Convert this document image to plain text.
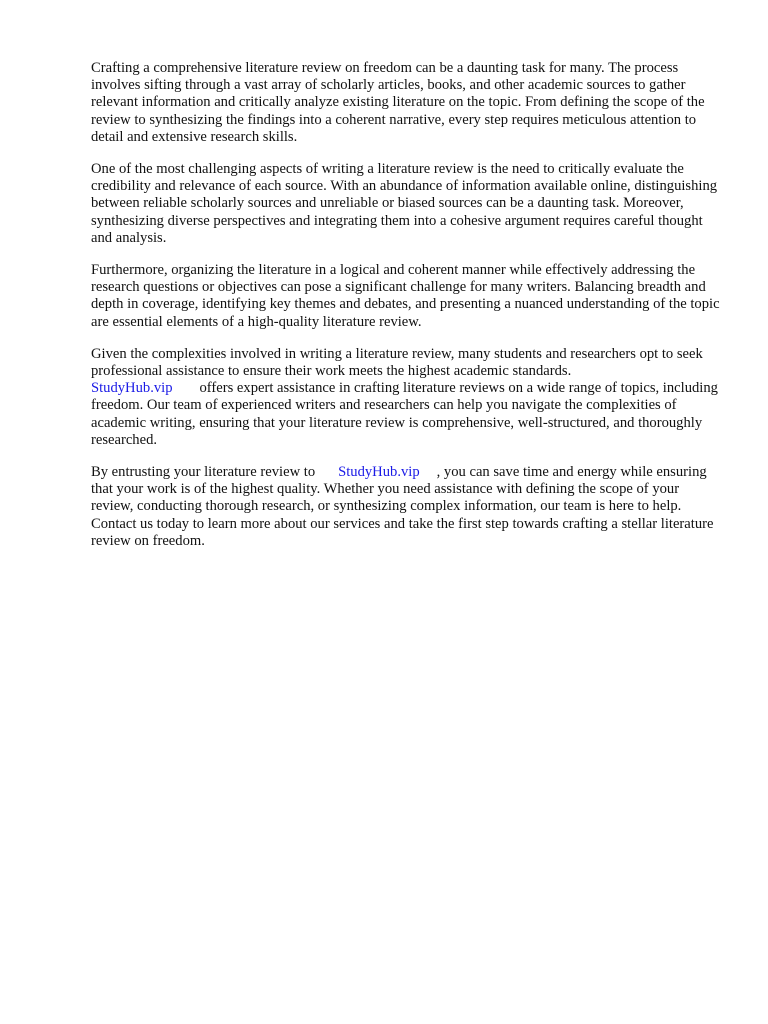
Crafting a comprehensive literature review on freedom can be a daunting task for many. The process involves sifting through a vast array of scholarly articles, books, and other academic sources to gather relevant information and critically analyze existing literature on the topic. From defining the scope of the review to synthesizing the findings into a coherent narrative, every step requires meticulous attention to detail and extensive research skills.

One of the most challenging aspects of writing a literature review is the need to critically evaluate the credibility and relevance of each source. With an abundance of information available online, distinguishing between reliable scholarly sources and unreliable or biased sources can be a daunting task. Moreover, synthesizing diverse perspectives and integrating them into a cohesive argument requires careful thought and analysis.

Furthermore, organizing the literature in a logical and coherent manner while effectively addressing the research questions or objectives can pose a significant challenge for many writers. Balancing breadth and depth in coverage, identifying key themes and debates, and presenting a nuanced understanding of the topic are essential elements of a high-quality literature review.

Given the complexities involved in writing a literature review, many students and researchers opt to seek professional assistance to ensure their work meets the highest academic standards.
StudyHub.vip offers expert assistance in crafting literature reviews on a wide range of topics, including freedom. Our team of experienced writers and researchers can help you navigate the complexities of academic writing, ensuring that your literature review is comprehensive, well-structured, and thoroughly researched.

By entrusting your literature review to StudyHub.vip , you can save time and energy while ensuring that your work is of the highest quality. Whether you need assistance with defining the scope of your review, conducting thorough research, or synthesizing complex information, our team is here to help. Contact us today to learn more about our services and take the first step towards crafting a stellar literature review on freedom.
